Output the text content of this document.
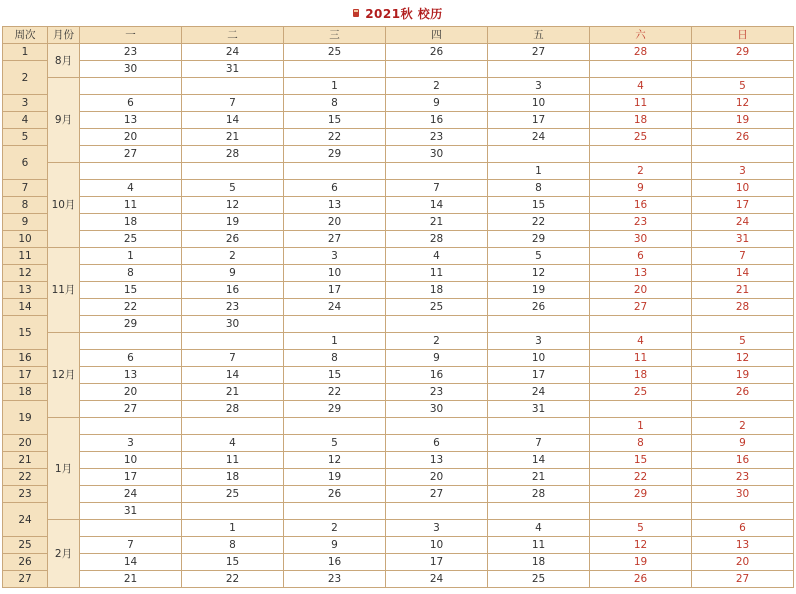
2021秋 校历
周次	月份	一	二	三	四	五	六	日
1	8月	23	24	25	26	27	28	29
2		30	31					
	9月			1	2	3	4	5
3		6	7	8	9	10	11	12
4		13	14	15	16	17	18	19
5		20	21	22	23	24	25	26
6		27	28	29	30			
	10月					1	2	3
7		4	5	6	7	8	9	10
8		11	12	13	14	15	16	17
9		18	19	20	21	22	23	24
10		25	26	27	28	29	30	31
11	11月	1	2	3	4	5	6	7
12		8	9	10	11	12	13	14
13		15	16	17	18	19	20	21
14		22	23	24	25	26	27	28
15		29	30					
	12月			1	2	3	4	5
16		6	7	8	9	10	11	12
17		13	14	15	16	17	18	19
18		20	21	22	23	24	25	26
19		27	28	29	30	31		
	1月						1	2
20		3	4	5	6	7	8	9
21		10	11	12	13	14	15	16
22		17	18	19	20	21	22	23
23		24	25	26	27	28	29	30
24		31						
	2月		1	2	3	4	5	6
25		7	8	9	10	11	12	13
26		14	15	16	17	18	19	20
27		21	22	23	24	25	26	27
